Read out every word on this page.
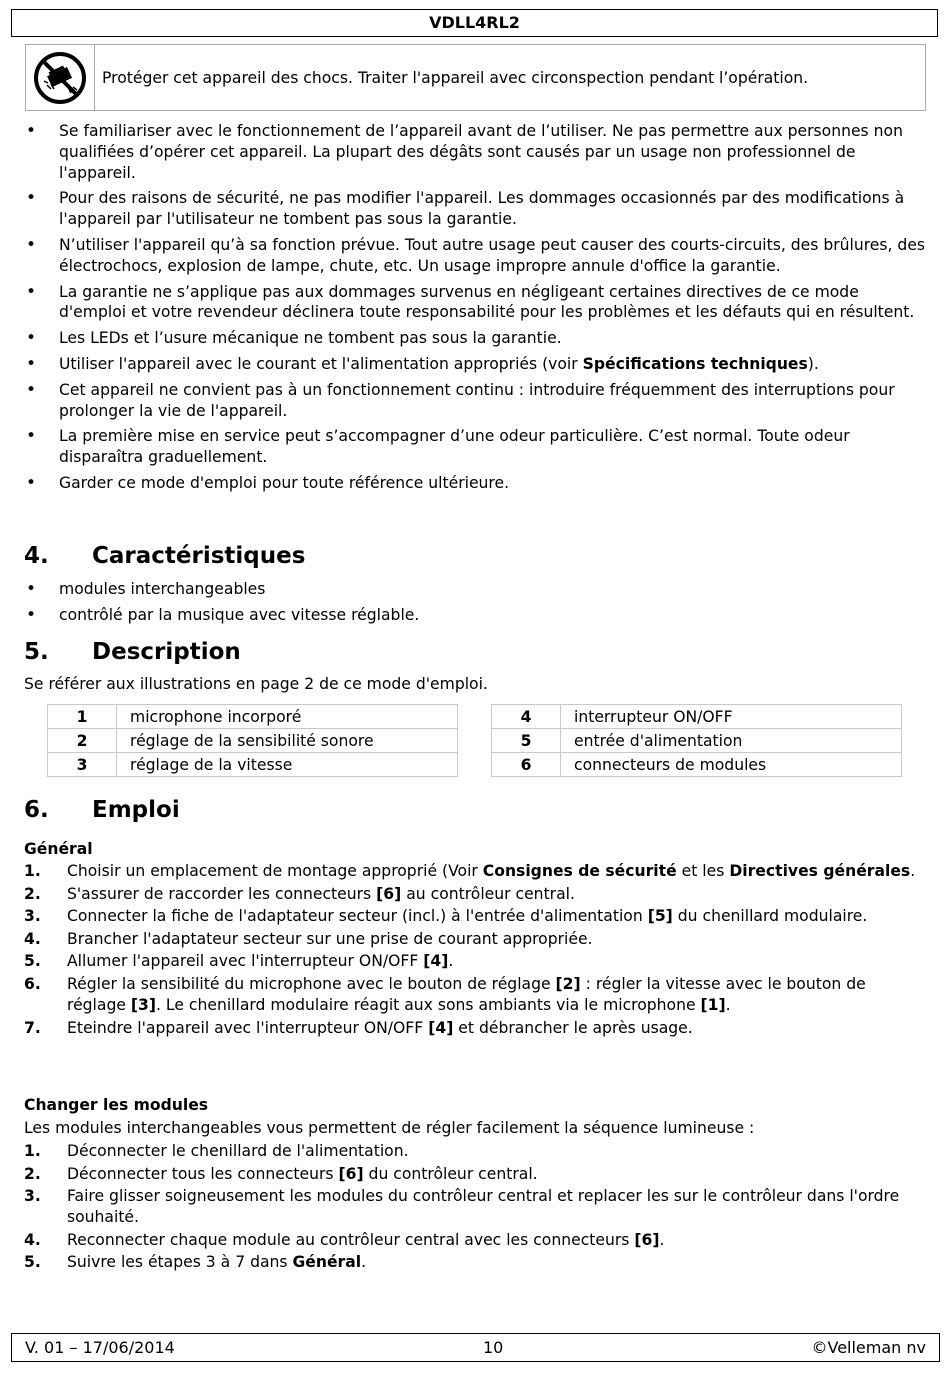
VDLL4RL2
Protéger cet appareil des chocs. Traiter l'appareil avec circonspection pendant l’opération.
• Se familiariser avec le fonctionnement de l’appareil avant de l’utiliser. Ne pas permettre aux personnes non qualifiées d’opérer cet appareil. La plupart des dégâts sont causés par un usage non professionnel de l'appareil.
• Pour des raisons de sécurité, ne pas modifier l'appareil. Les dommages occasionnés par des modifications à l'appareil par l'utilisateur ne tombent pas sous la garantie.
• N’utiliser l'appareil qu’à sa fonction prévue. Tout autre usage peut causer des courts-circuits, des brûlures, des électrochocs, explosion de lampe, chute, etc. Un usage impropre annule d'office la garantie.
• La garantie ne s’applique pas aux dommages survenus en négligeant certaines directives de ce mode d'emploi et votre revendeur déclinera toute responsabilité pour les problèmes et les défauts qui en résultent.
• Les LEDs et l’usure mécanique ne tombent pas sous la garantie.
• Utiliser l'appareil avec le courant et l'alimentation appropriés (voir Spécifications techniques).
• Cet appareil ne convient pas à un fonctionnement continu : introduire fréquemment des interruptions pour prolonger la vie de l'appareil.
• La première mise en service peut s’accompagner d’une odeur particulière. C’est normal. Toute odeur disparaîtra graduellement.
• Garder ce mode d'emploi pour toute référence ultérieure.
4. Caractéristiques
• modules interchangeables
• contrôlé par la musique avec vitesse réglable.
5. Description
Se référer aux illustrations en page 2 de ce mode d'emploi.
1	microphone incorporé
2	réglage de la sensibilité sonore
3	réglage de la vitesse
4	interrupteur ON/OFF
5	entrée d'alimentation
6	connecteurs de modules
6. Emploi
Général
1. Choisir un emplacement de montage approprié (Voir Consignes de sécurité et les Directives générales.
2. S'assurer de raccorder les connecteurs [6] au contrôleur central.
3. Connecter la fiche de l'adaptateur secteur (incl.) à l'entrée d'alimentation [5] du chenillard modulaire.
4. Brancher l'adaptateur secteur sur une prise de courant appropriée.
5. Allumer l'appareil avec l'interrupteur ON/OFF [4].
6. Régler la sensibilité du microphone avec le bouton de réglage [2] : régler la vitesse avec le bouton de réglage [3]. Le chenillard modulaire réagit aux sons ambiants via le microphone [1].
7. Eteindre l'appareil avec l'interrupteur ON/OFF [4] et débrancher le après usage.
Changer les modules
Les modules interchangeables vous permettent de régler facilement la séquence lumineuse :
1. Déconnecter le chenillard de l'alimentation.
2. Déconnecter tous les connecteurs [6] du contrôleur central.
3. Faire glisser soigneusement les modules du contrôleur central et replacer les sur le contrôleur dans l'ordre souhaité.
4. Reconnecter chaque module au contrôleur central avec les connecteurs [6].
5. Suivre les étapes 3 à 7 dans Général.
V. 01 – 17/06/2014	10	©Velleman nv
